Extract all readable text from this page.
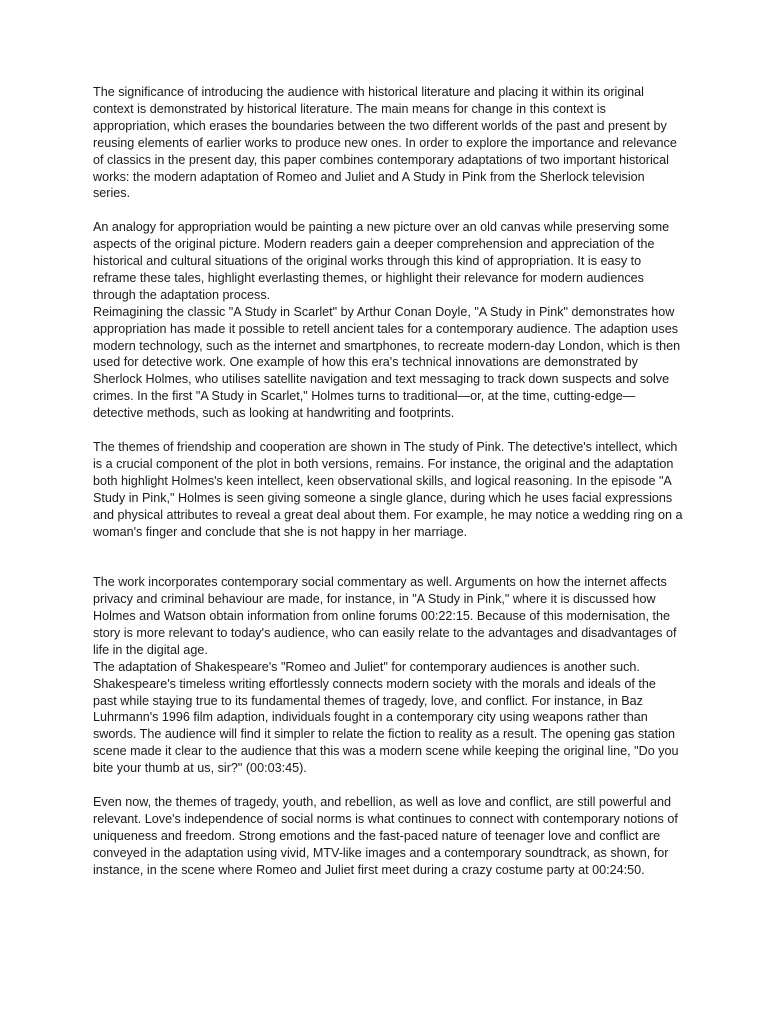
The significance of introducing the audience with historical literature and placing it within its original context is demonstrated by historical literature. The main means for change in this context is appropriation, which erases the boundaries between the two different worlds of the past and present by reusing elements of earlier works to produce new ones. In order to explore the importance and relevance of classics in the present day, this paper combines contemporary adaptations of two important historical works: the modern adaptation of Romeo and Juliet and A Study in Pink from the Sherlock television series.

An analogy for appropriation would be painting a new picture over an old canvas while preserving some aspects of the original picture. Modern readers gain a deeper comprehension and appreciation of the historical and cultural situations of the original works through this kind of appropriation. It is easy to reframe these tales, highlight everlasting themes, or highlight their relevance for modern audiences through the adaptation process.

Reimagining the classic "A Study in Scarlet" by Arthur Conan Doyle, "A Study in Pink" demonstrates how appropriation has made it possible to retell ancient tales for a contemporary audience. The adaption uses modern technology, such as the internet and smartphones, to recreate modern-day London, which is then used for detective work. One example of how this era's technical innovations are demonstrated by Sherlock Holmes, who utilises satellite navigation and text messaging to track down suspects and solve crimes. In the first "A Study in Scarlet," Holmes turns to traditional—or, at the time, cutting-edge—detective methods, such as looking at handwriting and footprints.

The themes of friendship and cooperation are shown in The study of Pink. The detective's intellect, which is a crucial component of the plot in both versions, remains. For instance, the original and the adaptation both highlight Holmes's keen intellect, keen observational skills, and logical reasoning. In the episode "A Study in Pink," Holmes is seen giving someone a single glance, during which he uses facial expressions and physical attributes to reveal a great deal about them. For example, he may notice a wedding ring on a woman's finger and conclude that she is not happy in her marriage.

The work incorporates contemporary social commentary as well. Arguments on how the internet affects privacy and criminal behaviour are made, for instance, in "A Study in Pink," where it is discussed how Holmes and Watson obtain information from online forums 00:22:15. Because of this modernisation, the story is more relevant to today's audience, who can easily relate to the advantages and disadvantages of life in the digital age.

The adaptation of Shakespeare's "Romeo and Juliet" for contemporary audiences is another such. Shakespeare's timeless writing effortlessly connects modern society with the morals and ideals of the past while staying true to its fundamental themes of tragedy, love, and conflict. For instance, in Baz Luhrmann's 1996 film adaption, individuals fought in a contemporary city using weapons rather than swords. The audience will find it simpler to relate the fiction to reality as a result. The opening gas station scene made it clear to the audience that this was a modern scene while keeping the original line, "Do you bite your thumb at us, sir?" (00:03:45).

Even now, the themes of tragedy, youth, and rebellion, as well as love and conflict, are still powerful and relevant. Love's independence of social norms is what continues to connect with contemporary notions of uniqueness and freedom. Strong emotions and the fast-paced nature of teenager love and conflict are conveyed in the adaptation using vivid, MTV-like images and a contemporary soundtrack, as shown, for instance, in the scene where Romeo and Juliet first meet during a crazy costume party at 00:24:50.
